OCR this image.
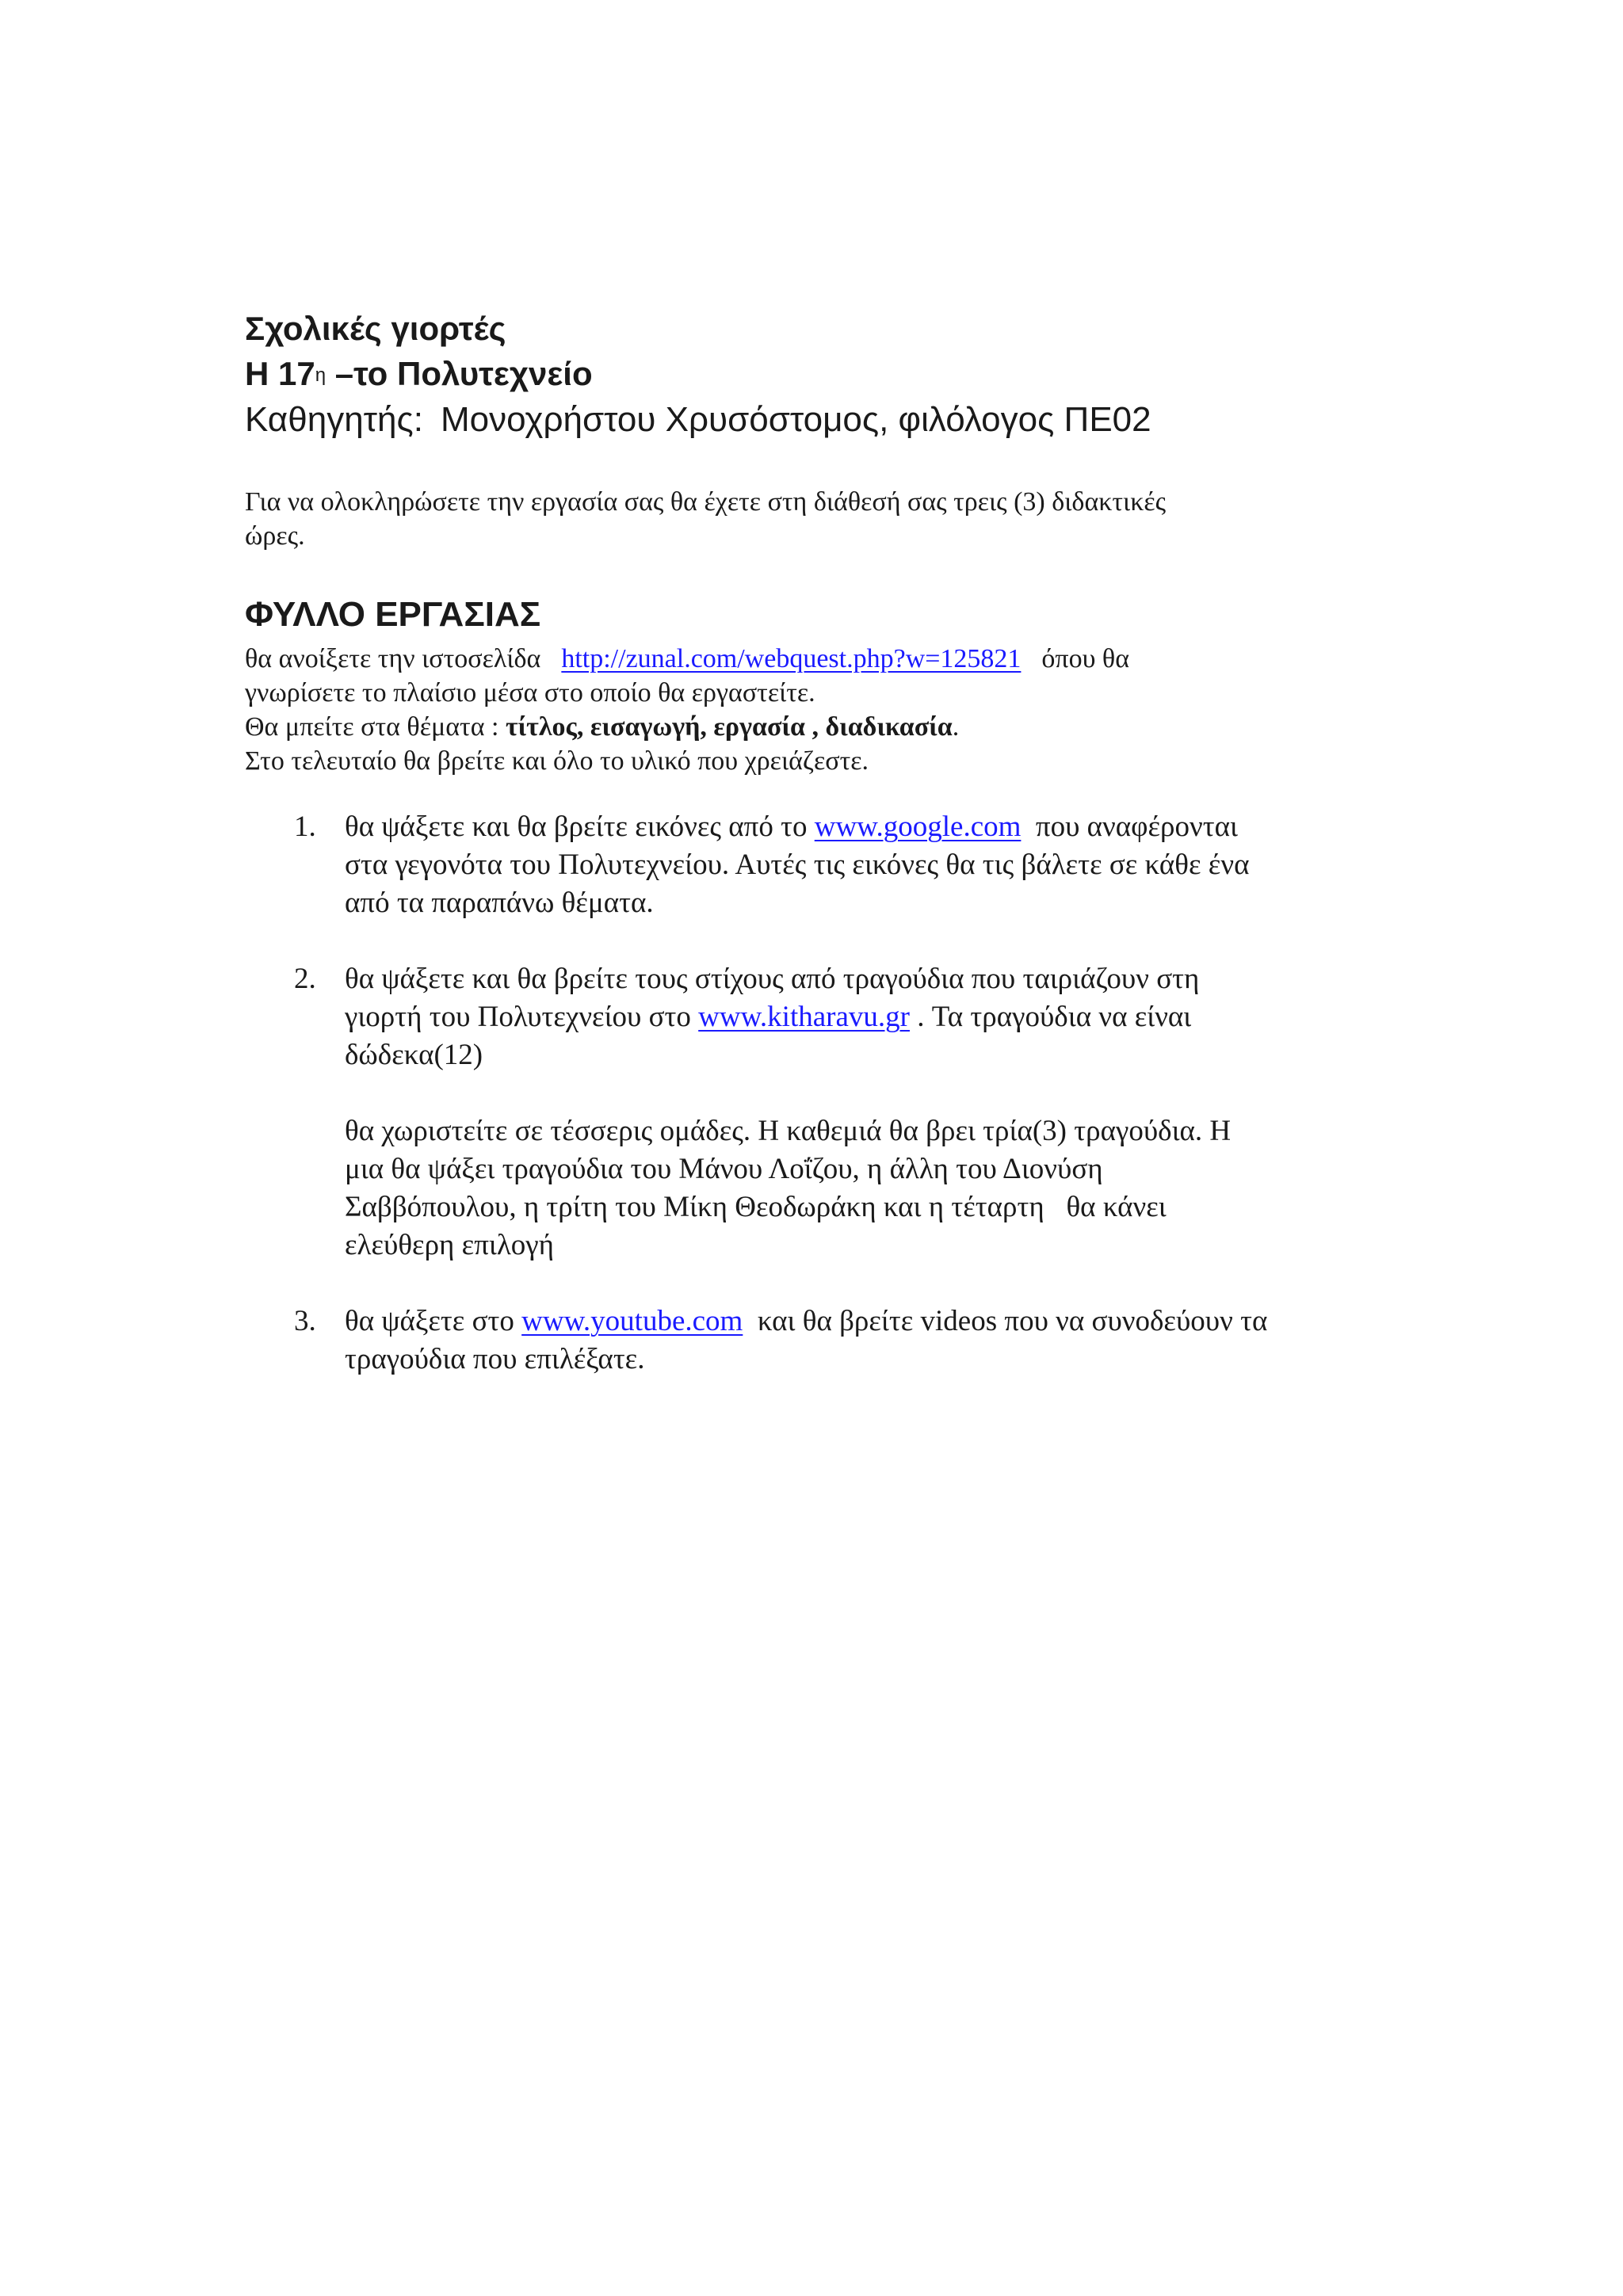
Σχολικές γιορτές
Η $17^\eta$ –το Πολυτεχνείο
Καθηγητής: Μονοχρήστου Χρυσόστομος, φιλόλογος ΠΕ02

Για να ολοκληρώσετε την εργασία σας θα έχετε στη διάθεσή σας τρεις (3) διδακτικές
ώρες.

ΦΥΛΛΟ ΕΡΓΑΣΙΑΣ

θα ανοίξετε την ιστοσελίδα http://zunal.com/webquest.php?w=125821 όπου θα
γνωρίσετε το πλαίσιο μέσα στο οποίο θα εργαστείτε.
Θα μπείτε στα θέματα : τίτλος, εισαγωγή, εργασία , διαδικασία.
Στο τελευταίο θα βρείτε και όλο το υλικό που χρειάζεστε.

1. θα ψάξετε και θα βρείτε εικόνες από το www.google.com  που αναφέρονται
στα γεγονότα του Πολυτεχνείου. Αυτές τις εικόνες θα τις βάλετε σε κάθε ένα
από τα παραπάνω θέματα.
2. θα ψάξετε και θα βρείτε τους στίχους από τραγούδια που ταιριάζουν στη
γιορτή του Πολυτεχνείου στο www.kitharavu.gr . Τα τραγούδια να είναι
δώδεκα(12)
θα χωριστείτε σε τέσσερις ομάδες. Η καθεμιά θα βρει τρία(3) τραγούδια. Η
μια θα ψάξει τραγούδια του Μάνου Λοΐζου, η άλλη του Διονύση
Σαββόπουλου, η τρίτη του Μίκη Θεοδωράκη και η τέταρτη   θα κάνει
ελεύθερη επιλογή
3. θα ψάξετε στο www.youtube.com  και θα βρείτε videos που να συνοδεύουν τα
τραγούδια που επιλέξατε.
